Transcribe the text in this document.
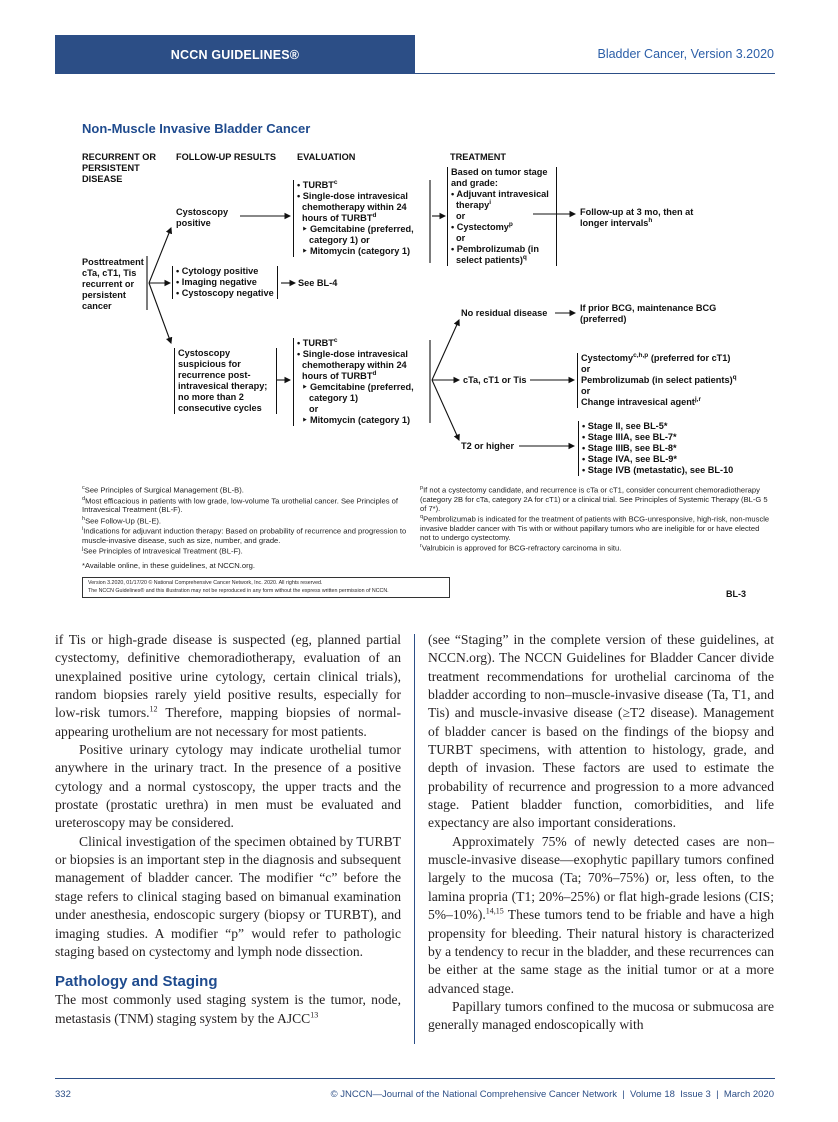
NCCN GUIDELINES®	Bladder Cancer, Version 3.2020
Non-Muscle Invasive Bladder Cancer
RECURRENT OR PERSISTENT DISEASE
FOLLOW-UP RESULTS EVALUATION	TREATMENT
Posttreatment cTa, cT1, Tis recurrent or persistent cancer
Cystoscopy positive
• TURBT$^c$
• Single-dose intravesical chemotherapy within 24 hours of TURBT$^d$
‣ Gemcitabine (preferred, category 1) or
‣ Mitomycin (category 1)
Based on tumor stage and grade:
• Adjuvant intravesical therapy$^i$
or
• Cystectomy$^p$
or
• Pembrolizumab (in select patients)$^q$
Follow-up at 3 mo, then at longer intervals$^h$
• Cytology positive
• Imaging negative
• Cystoscopy negative
See BL-4
Cystoscopy suspicious for recurrence post-intravesical therapy; no more than 2 consecutive cycles
• TURBT$^c$
• Single-dose intravesical chemotherapy within 24 hours of TURBT$^d$
‣ Gemcitabine (preferred, category 1)
or
‣ Mitomycin (category 1)
No residual disease	If prior BCG, maintenance BCG (preferred)
cTa, cT1 or Tis
Cystectomy$^{c,h,p}$ (preferred for cT1)
or
Pembrolizumab (in select patients)$^q$
or
Change intravesical agent$^{j,r}$
T2 or higher
• Stage II, see BL-5*
• Stage IIIA, see BL-7*
• Stage IIIB, see BL-8*
• Stage IVA, see BL-9*
• Stage IVB (metastatic), see BL-10
$^c$See Principles of Surgical Management (BL-B).
$^d$Most efficacious in patients with low grade, low-volume Ta urothelial cancer. See Principles of Intravesical Treatment (BL-F).
$^h$See Follow-Up (BL-E).
$^i$Indications for adjuvant induction therapy: Based on probability of recurrence and progression to muscle-invasive disease, such as size, number, and grade.
$^j$See Principles of Intravesical Treatment (BL-F).
$^p$If not a cystectomy candidate, and recurrence is cTa or cT1, consider concurrent chemoradiotherapy (category 2B for cTa, category 2A for cT1) or a clinical trial. See Principles of Systemic Therapy (BL-G 5 of 7*).
$^q$Pembrolizumab is indicated for the treatment of patients with BCG-unresponsive, high-risk, non-muscle invasive bladder cancer with Tis with or without papillary tumors who are ineligible for or have elected not to undergo cystectomy.
$^r$Valrubicin is approved for BCG-refractory carcinoma in situ.
*Available online, in these guidelines, at NCCN.org.
Version 3.2020, 01/17/20 © National Comprehensive Cancer Network, Inc. 2020. All rights reserved.
The NCCN Guidelines® and this illustration may not be reproduced in any form without the express written permission of NCCN.	BL-3

if Tis or high-grade disease is suspected (eg, planned partial cystectomy, definitive chemoradiotherapy, evaluation of an unexplained positive urine cytology, certain clinical trials), random biopsies rarely yield positive results, especially for low-risk tumors.$^{12}$ Therefore, mapping biopsies of normal-appearing urothelium are not necessary for most patients.

Positive urinary cytology may indicate urothelial tumor anywhere in the urinary tract. In the presence of a positive cytology and a normal cystoscopy, the upper tracts and the prostate (prostatic urethra) in men must be evaluated and ureteroscopy may be considered.

Clinical investigation of the specimen obtained by TURBT or biopsies is an important step in the diagnosis and subsequent management of bladder cancer. The modifier “c” before the stage refers to clinical staging based on bimanual examination under anesthesia, endoscopic surgery (biopsy or TURBT), and imaging studies. A modifier “p” would refer to pathologic staging based on cystectomy and lymph node dissection.

Pathology and Staging

The most commonly used staging system is the tumor, node, metastasis (TNM) staging system by the AJCC$^{13}$

(see “Staging” in the complete version of these guidelines, at NCCN.org). The NCCN Guidelines for Bladder Cancer divide treatment recommendations for urothelial carcinoma of the bladder according to non–muscle-invasive disease (Ta, T1, and Tis) and muscle-invasive disease (≥T2 disease). Management of bladder cancer is based on the findings of the biopsy and TURBT specimens, with attention to histology, grade, and depth of invasion. These factors are used to estimate the probability of recurrence and progression to a more advanced stage. Patient bladder function, comorbidities, and life expectancy are also important considerations.

Approximately 75% of newly detected cases are non–muscle-invasive disease—exophytic papillary tumors confined largely to the mucosa (Ta; 70%–75%) or, less often, to the lamina propria (T1; 20%–25%) or flat high-grade lesions (CIS; 5%–10%).$^{14,15}$ These tumors tend to be friable and have a high propensity for bleeding. Their natural history is characterized by a tendency to recur in the bladder, and these recurrences can be either at the same stage as the initial tumor or at a more advanced stage.

Papillary tumors confined to the mucosa or submucosa are generally managed endoscopically with

332	© JNCCN—Journal of the National Comprehensive Cancer Network  |  Volume 18  Issue 3  |  March 2020
